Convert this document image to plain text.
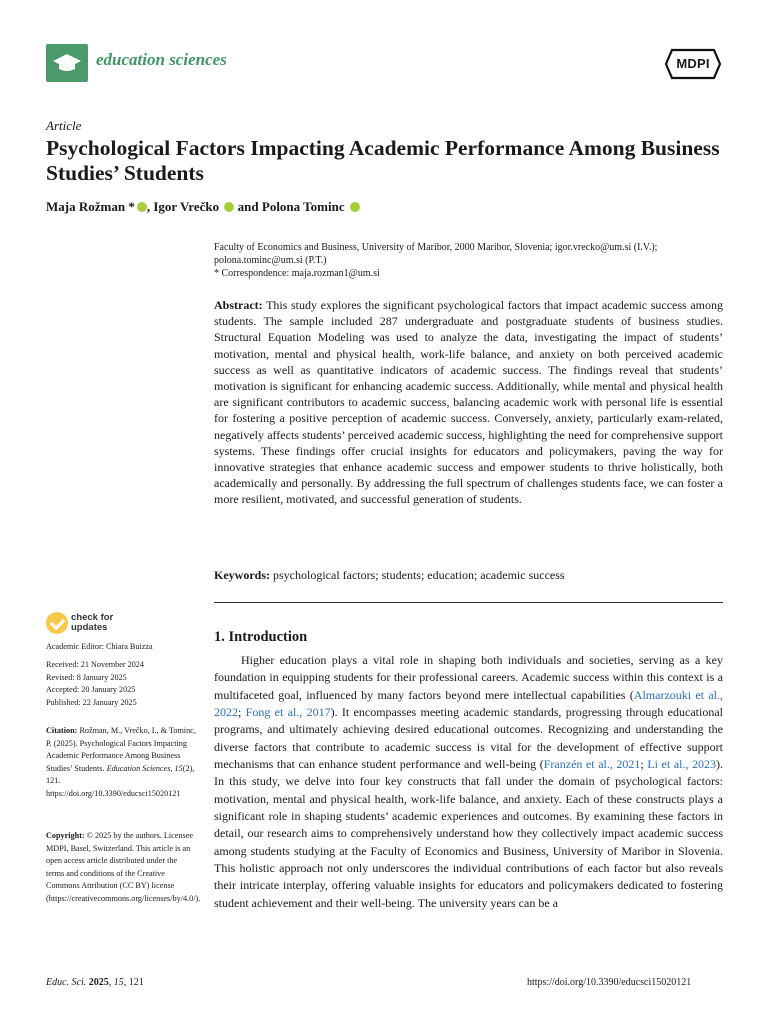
education sciences	MDPI
Article
Psychological Factors Impacting Academic Performance Among Business Studies’ Students
Maja Rožman * , Igor Vrečko  and Polona Tominc

Faculty of Economics and Business, University of Maribor, 2000 Maribor, Slovenia; igor.vrecko@um.si (I.V.);

polona.tominc@um.si (P.T.)

* Correspondence: maja.rozman1@um.si

Abstract: This study explores the significant psychological factors that impact academic success among students. The sample included 287 undergraduate and postgraduate students of business studies. Structural Equation Modeling was used to analyze the data, investigating the impact of students’ motivation, mental and physical health, work-life balance, and anxiety on both perceived academic success as well as quantitative indicators of academic success. The findings reveal that students’ motivation is significant for enhancing academic success. Additionally, while mental and physical health are significant contributors to academic success, balancing academic work with personal life is essential for fostering a positive perception of academic success. Conversely, anxiety, particularly exam-related, negatively affects students’ perceived academic success, highlighting the need for comprehensive support systems. These findings offer crucial insights for educators and policymakers, paving the way for innovative strategies that enhance academic success and empower students to thrive holistically, both academically and personally. By addressing the full spectrum of challenges students face, we can foster a more resilient, motivated, and successful generation of students.

Keywords: psychological factors; students; education; academic success

check for
updates
Academic Editor: Chiara Buizza

Received: 21 November 2024

Revised: 8 January 2025

Accepted: 20 January 2025

Published: 22 January 2025

Citation: Rožman, M., Vrečko, I., & Tominc, P. (2025). Psychological Factors Impacting Academic Performance Among Business Studies’ Students. Education Sciences, 15(2), 121. https://doi.org/10.3390/educsci15020121
Copyright: © 2025 by the authors. Licensee MDPI, Basel, Switzerland. This article is an open access article distributed under the terms and conditions of the Creative Commons Attribution (CC BY) license (https://creativecommons.org/licenses/by/4.0/).
1. Introduction

Higher education plays a vital role in shaping both individuals and societies, serving as a key foundation in equipping students for their professional careers. Academic success within this context is a multifaceted goal, influenced by many factors beyond mere intellectual capabilities (Almarzouki et al., 2022; Fong et al., 2017). It encompasses meeting academic standards, progressing through educational programs, and ultimately achieving desired educational outcomes. Recognizing and understanding the diverse factors that contribute to academic success is vital for the development of effective support mechanisms that can enhance student performance and well-being (Franzén et al., 2021; Li et al., 2023). In this study, we delve into four key constructs that fall under the domain of psychological factors: motivation, mental and physical health, work-life balance, and anxiety. Each of these constructs plays a significant role in shaping students’ academic experiences and outcomes. By examining these factors in detail, our research aims to comprehensively understand how they collectively impact academic success among students studying at the Faculty of Economics and Business, University of Maribor in Slovenia. This holistic approach not only underscores the individual contributions of each factor but also reveals their intricate interplay, offering valuable insights for educators and policymakers dedicated to fostering student achievement and their well-being. The university years can be a

Educ. Sci. 2025, 15, 121	https://doi.org/10.3390/educsci15020121
